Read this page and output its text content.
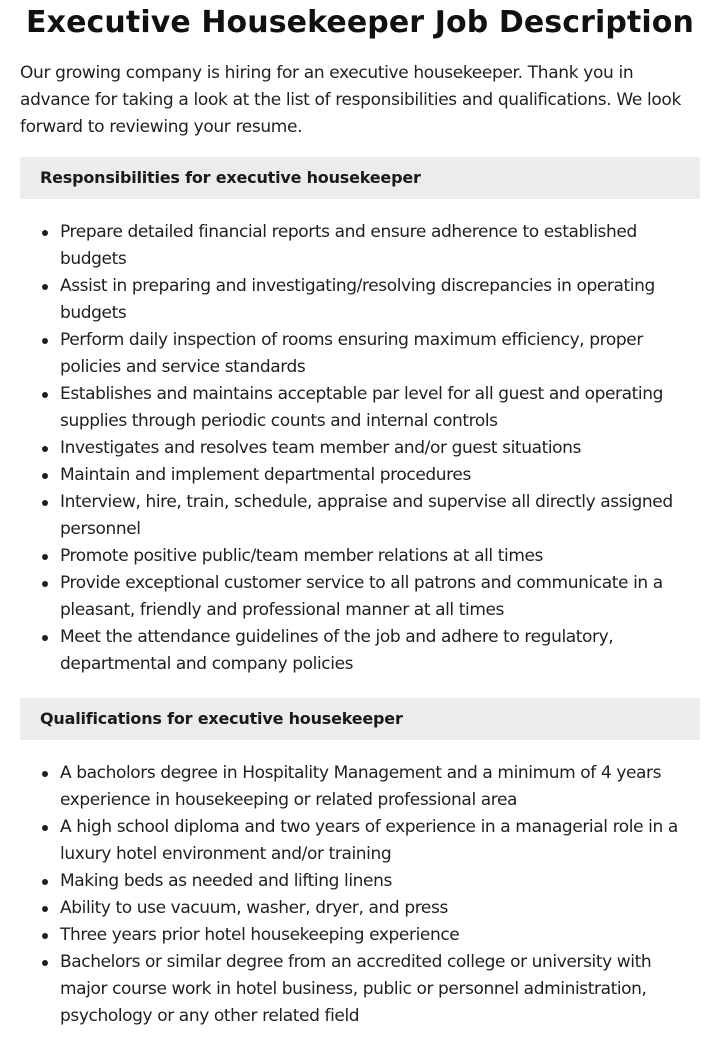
Executive Housekeeper Job Description

Our growing company is hiring for an executive housekeeper. Thank you in advance for taking a look at the list of responsibilities and qualifications. We look forward to reviewing your resume.

Responsibilities for executive housekeeper
Prepare detailed financial reports and ensure adherence to established budgets
Assist in preparing and investigating/resolving discrepancies in operating budgets
Perform daily inspection of rooms ensuring maximum efficiency, proper policies and service standards
Establishes and maintains acceptable par level for all guest and operating supplies through periodic counts and internal controls
Investigates and resolves team member and/or guest situations
Maintain and implement departmental procedures
Interview, hire, train, schedule, appraise and supervise all directly assigned personnel
Promote positive public/team member relations at all times
Provide exceptional customer service to all patrons and communicate in a pleasant, friendly and professional manner at all times
Meet the attendance guidelines of the job and adhere to regulatory, departmental and company policies
Qualifications for executive housekeeper
A bacholors degree in Hospitality Management and a minimum of 4 years experience in housekeeping or related professional area
A high school diploma and two years of experience in a managerial role in a luxury hotel environment and/or training
Making beds as needed and lifting linens
Ability to use vacuum, washer, dryer, and press
Three years prior hotel housekeeping experience
Bachelors or similar degree from an accredited college or university with major course work in hotel business, public or personnel administration, psychology or any other related field
